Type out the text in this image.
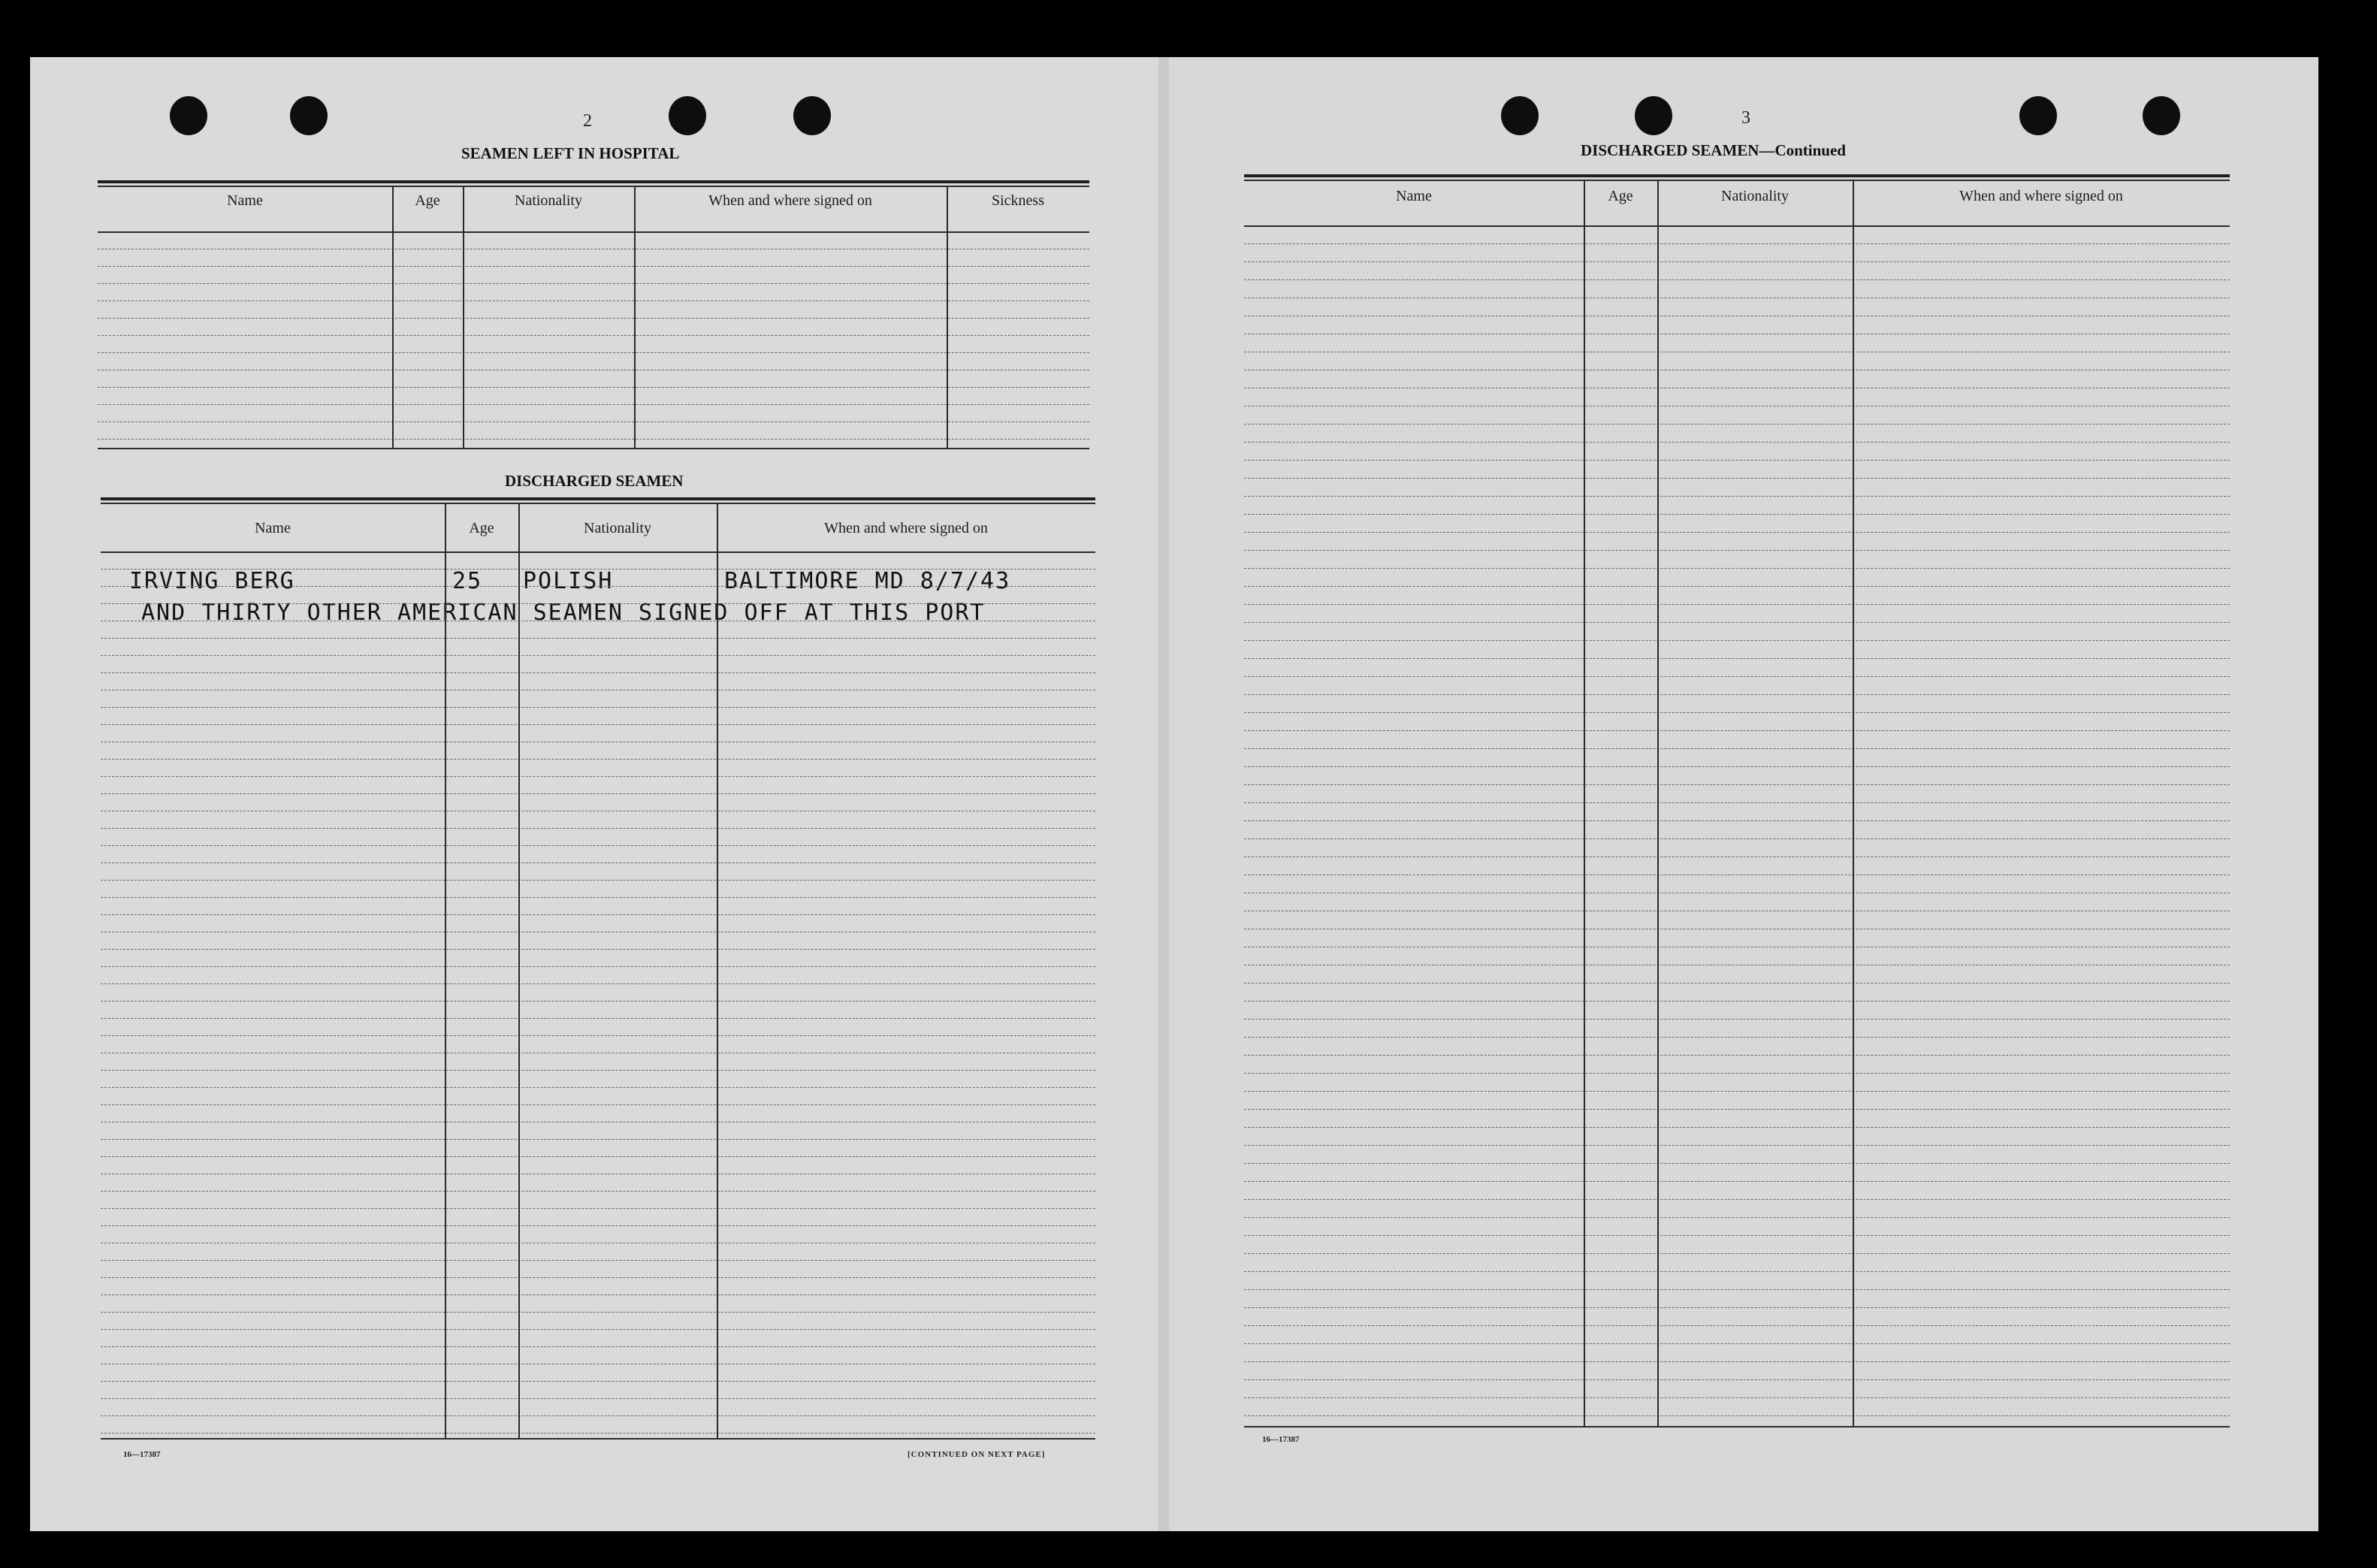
2
SEAMEN LEFT IN HOSPITAL
DISCHARGED SEAMEN
IRVING BERG	25 POLISH	BALTIMORE MD 8/7/43
AND THIRTY OTHER AMERICAN SEAMEN SIGNED OFF AT THIS PORT
16—17387	[CONTINUED ON NEXT PAGE]
3
DISCHARGED SEAMEN—Continued
16—17387
Name	Age	Nationality	When and where signed on	Sickness
Name	Age	Nationality	When and where signed on
Name	Age	Nationality	When and where signed on
